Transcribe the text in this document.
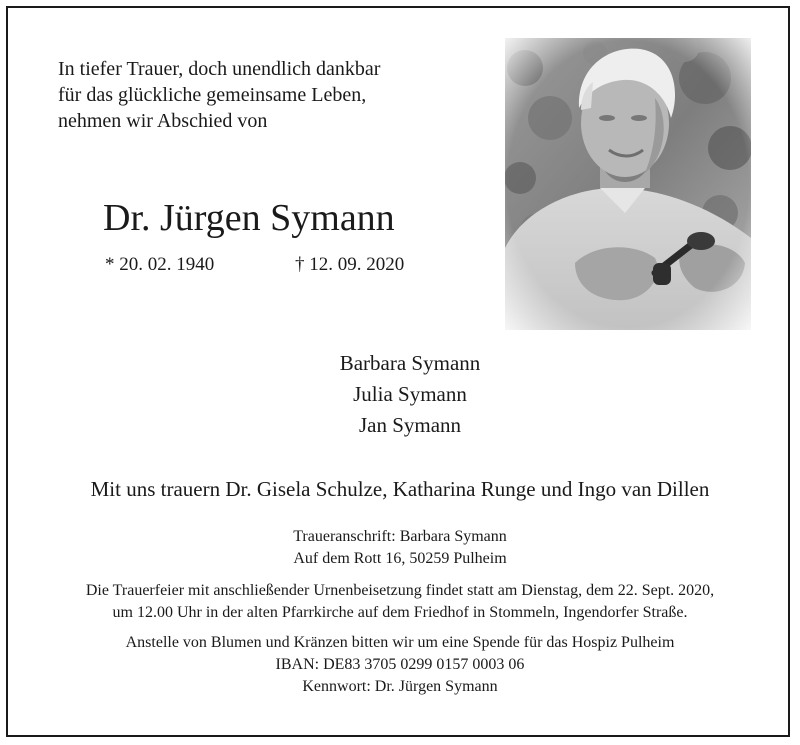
In tiefer Trauer, doch unendlich dankbar
für das glückliche gemeinsame Leben,
nehmen wir Abschied von
Dr. Jürgen Symann
* 20. 02. 1940	† 12. 09. 2020
Barbara Symann
Julia Symann
Jan Symann
Mit uns trauern Dr. Gisela Schulze, Katharina Runge und Ingo van Dillen
Traueranschrift: Barbara Symann
Auf dem Rott 16, 50259 Pulheim
Die Trauerfeier mit anschließender Urnenbeisetzung findet statt am Dienstag, dem 22. Sept. 2020,
um 12.00 Uhr in der alten Pfarrkirche auf dem Friedhof in Stommeln, Ingendorfer Straße.
Anstelle von Blumen und Kränzen bitten wir um eine Spende für das Hospiz Pulheim
IBAN: DE83 3705 0299 0157 0003 06
Kennwort: Dr. Jürgen Symann
